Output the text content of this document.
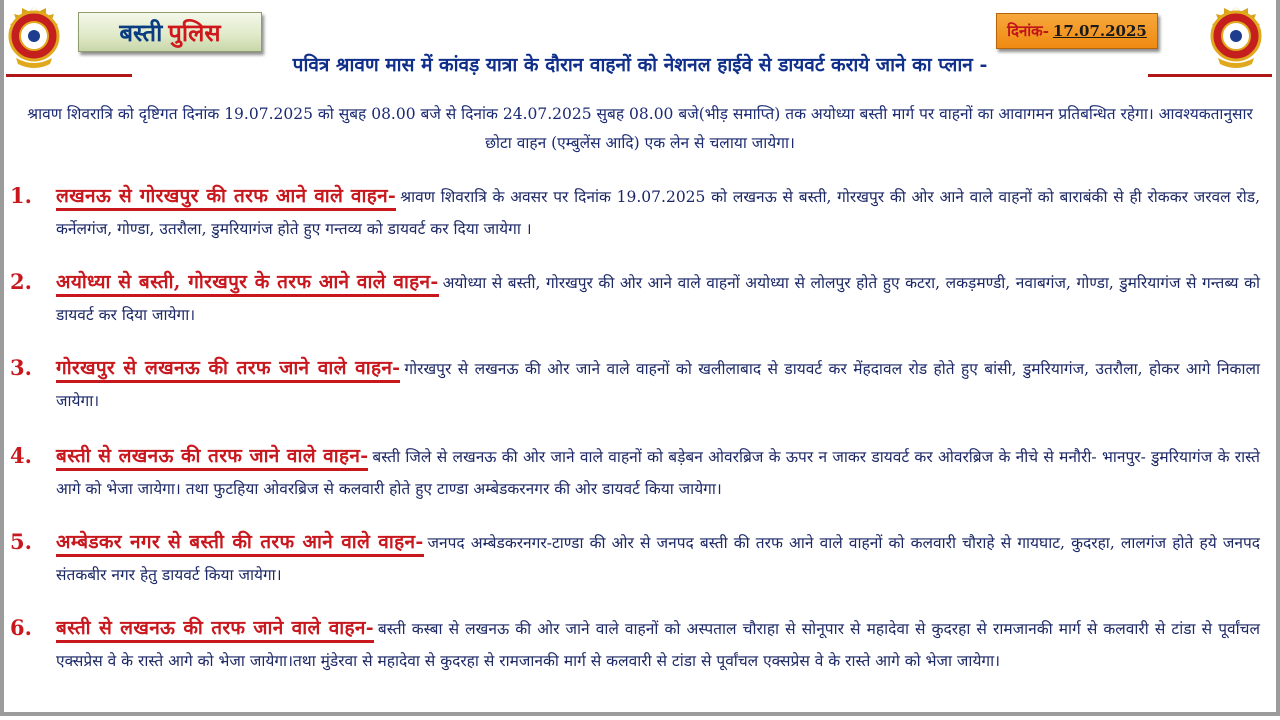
बस्ती पुलिस	दिनांक- 17.07.2025
पवित्र श्रावण मास में कांवड़ यात्रा के दौरान वाहनों को नेशनल हाईवे से डायवर्ट कराये जाने का प्लान -
श्रावण शिवरात्रि को दृष्टिगत दिनांक 19.07.2025 को सुबह 08.00 बजे से दिनांक 24.07.2025 सुबह 08.00 बजे(भीड़ समाप्ति) तक अयोध्या बस्ती मार्ग पर वाहनों का आवागमन प्रतिबन्धित रहेगा। आवश्यकतानुसार छोटा वाहन (एम्बुलेंस आदि) एक लेन से चलाया जायेगा।
1. लखनऊ से गोरखपुर की तरफ आने वाले वाहन- श्रावण शिवरात्रि के अवसर पर दिनांक 19.07.2025 को लखनऊ से बस्ती, गोरखपुर की ओर आने वाले वाहनों को बाराबंकी से ही रोककर जरवल रोड, कर्नेलगंज, गोण्डा, उतरौला, डुमरियागंज होते हुए गन्तव्य को डायवर्ट कर दिया जायेगा ।
2. अयोध्या से बस्ती, गोरखपुर के तरफ आने वाले वाहन- अयोध्या से बस्ती, गोरखपुर की ओर आने वाले वाहनों अयोध्या से लोलपुर होते हुए कटरा, लकड़मण्डी, नवाबगंज, गोण्डा, डुमरियागंज से गन्तब्य को डायवर्ट कर दिया जायेगा।
3. गोरखपुर से लखनऊ की तरफ जाने वाले वाहन- गोरखपुर से लखनऊ की ओर जाने वाले वाहनों को खलीलाबाद से डायवर्ट कर मेंहदावल रोड होते हुए बांसी, डुमरियागंज, उतरौला, होकर आगे निकाला जायेगा।
4. बस्ती से लखनऊ की तरफ जाने वाले वाहन- बस्ती जिले से लखनऊ की ओर जाने वाले वाहनों को बड़ेबन ओवरब्रिज के ऊपर न जाकर डायवर्ट कर ओवरब्रिज के नीचे से मनौरी- भानपुर- डुमरियागंज के रास्ते आगे को भेजा जायेगा। तथा फुटहिया ओवरब्रिज से कलवारी होते हुए टाण्डा अम्बेडकरनगर की ओर डायवर्ट किया जायेगा।
5. अम्बेडकर नगर से बस्ती की तरफ आने वाले वाहन- जनपद अम्बेडकरनगर-टाण्डा की ओर से जनपद बस्ती की तरफ आने वाले वाहनों को कलवारी चौराहे से गायघाट, कुदरहा, लालगंज होते हये जनपद संतकबीर नगर हेतु डायवर्ट किया जायेगा।
6. बस्ती से लखनऊ की तरफ जाने वाले वाहन- बस्ती कस्बा से लखनऊ की ओर जाने वाले वाहनों को अस्पताल चौराहा से सोनूपार से महादेवा से कुदरहा से रामजानकी मार्ग से कलवारी से टांडा से पूर्वांचल एक्सप्रेस वे के रास्ते आगे को भेजा जायेगा।तथा मुंडेरवा से महादेवा से कुदरहा से रामजानकी मार्ग से कलवारी से टांडा से पूर्वांचल एक्सप्रेस वे के रास्ते आगे को भेजा जायेगा।
